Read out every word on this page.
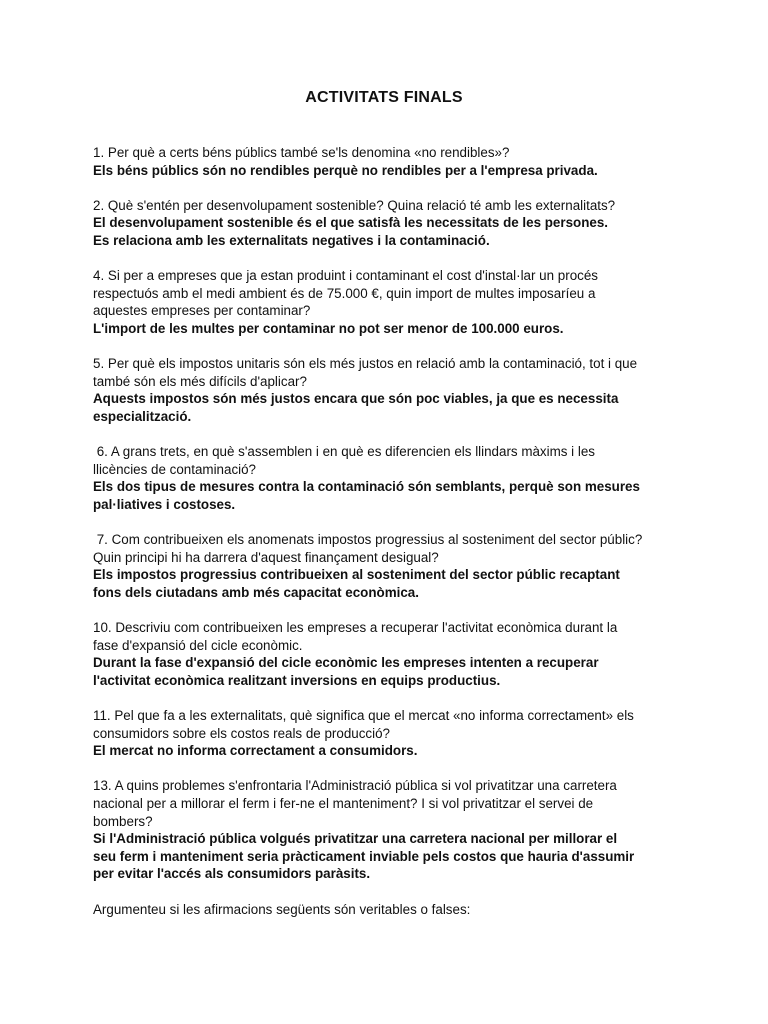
ACTIVITATS FINALS
1. Per què a certs béns públics també se'ls denomina «no rendibles»?
Els béns públics són no rendibles perquè no rendibles per a l'empresa privada.
2. Què s'entén per desenvolupament sostenible? Quina relació té amb les externalitats?
El desenvolupament sostenible és el que satisfà les necessitats de les persones.
Es relaciona amb les externalitats negatives i la contaminació.
4. Si per a empreses que ja estan produint i contaminant el cost d'instal·lar un procés
respectuós amb el medi ambient és de 75.000 €, quin import de multes imposaríeu a
aquestes empreses per contaminar?
L'import de les multes per contaminar no pot ser menor de 100.000 euros.
5. Per què els impostos unitaris són els més justos en relació amb la contaminació, tot i que
també són els més difícils d'aplicar?
Aquests impostos són més justos encara que són poc viables, ja que es necessita
especialització.
6. A grans trets, en què s'assemblen i en què es diferencien els llindars màxims i les
llicències de contaminació?
Els dos tipus de mesures contra la contaminació són semblants, perquè son mesures
pal·liatives i costoses.
7. Com contribueixen els anomenats impostos progressius al sosteniment del sector públic?
Quin principi hi ha darrera d'aquest finançament desigual?
Els impostos progressius contribueixen al sosteniment del sector públic recaptant
fons dels ciutadans amb més capacitat econòmica.
10. Descriviu com contribueixen les empreses a recuperar l'activitat econòmica durant la
fase d'expansió del cicle econòmic.
Durant la fase d'expansió del cicle econòmic les empreses intenten a recuperar
l'activitat econòmica realitzant inversions en equips productius.
11. Pel que fa a les externalitats, què significa que el mercat «no informa correctament» els
consumidors sobre els costos reals de producció?
El mercat no informa correctament a consumidors.
13. A quins problemes s'enfrontaria l'Administració pública si vol privatitzar una carretera
nacional per a millorar el ferm i fer-ne el manteniment? I si vol privatitzar el servei de
bombers?
Si l'Administració pública volgués privatitzar una carretera nacional per millorar el
seu ferm i manteniment seria pràcticament inviable pels costos que hauria d'assumir
per evitar l'accés als consumidors paràsits.

Argumenteu si les afirmacions següents són veritables o falses:
